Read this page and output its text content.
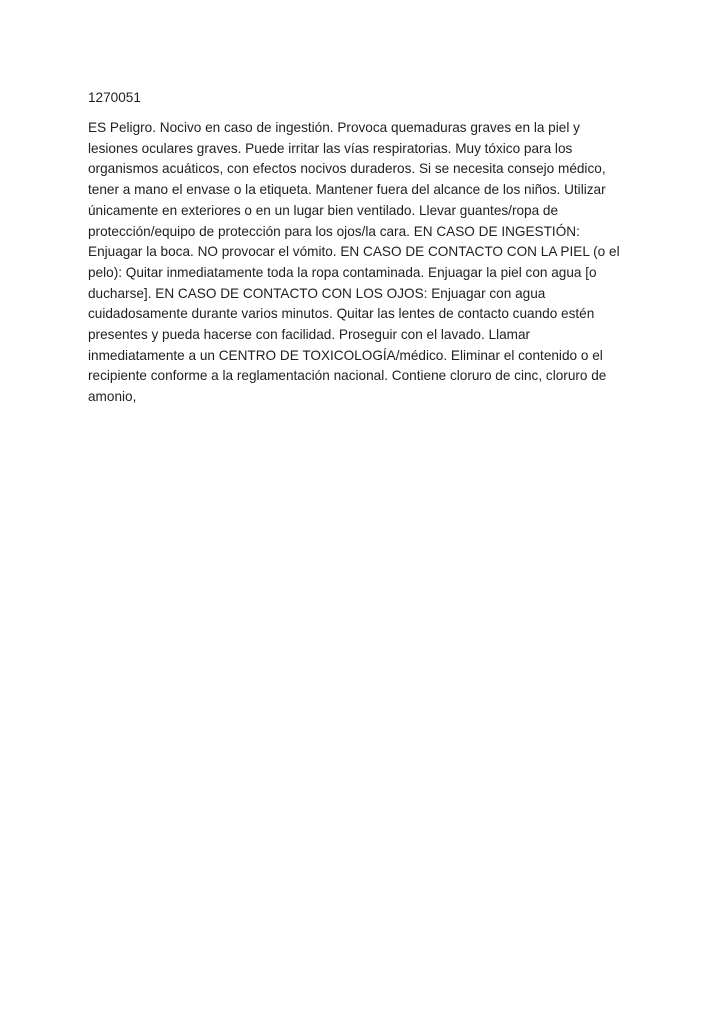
1270051

ES Peligro. Nocivo en caso de ingestión. Provoca quemaduras graves en la piel y
lesiones oculares graves. Puede irritar las vías respiratorias. Muy tóxico para los
organismos acuáticos, con efectos nocivos duraderos. Si se necesita consejo médico,
tener a mano el envase o la etiqueta. Mantener fuera del alcance de los niños. Utilizar
únicamente en exteriores o en un lugar bien ventilado. Llevar guantes/ropa de
protección/equipo de protección para los ojos/la cara. EN CASO DE INGESTIÓN:
Enjuagar la boca. NO provocar el vómito. EN CASO DE CONTACTO CON LA PIEL (o el
pelo): Quitar inmediatamente toda la ropa contaminada. Enjuagar la piel con agua [o
ducharse]. EN CASO DE CONTACTO CON LOS OJOS: Enjuagar con agua
cuidadosamente durante varios minutos. Quitar las lentes de contacto cuando estén
presentes y pueda hacerse con facilidad. Proseguir con el lavado. Llamar
inmediatamente a un CENTRO DE TOXICOLOGÍA/médico. Eliminar el contenido o el
recipiente conforme a la reglamentación nacional. Contiene cloruro de cinc, cloruro de
amonio,
